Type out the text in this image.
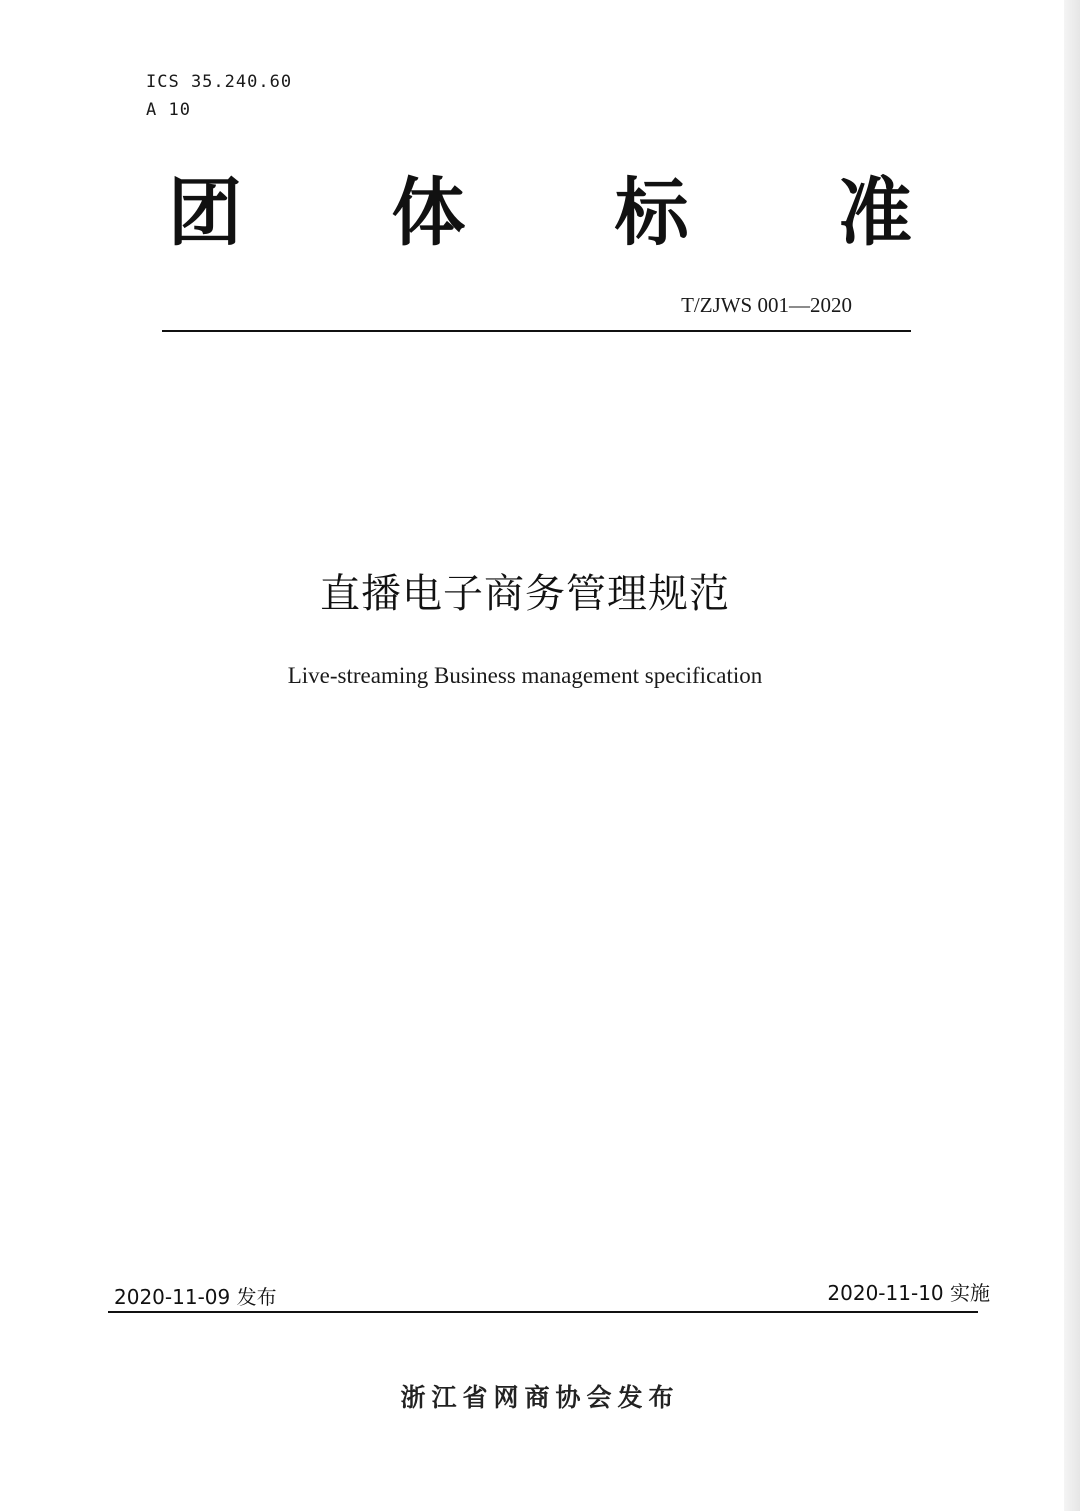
ICS 35.240.60
A 10
团 体 标 准
T/ZJWS 001—2020
直播电子商务管理规范
Live-streaming Business management specification
2020-11-09 发布	2020-11-10 实施
浙江省网商协会发布
